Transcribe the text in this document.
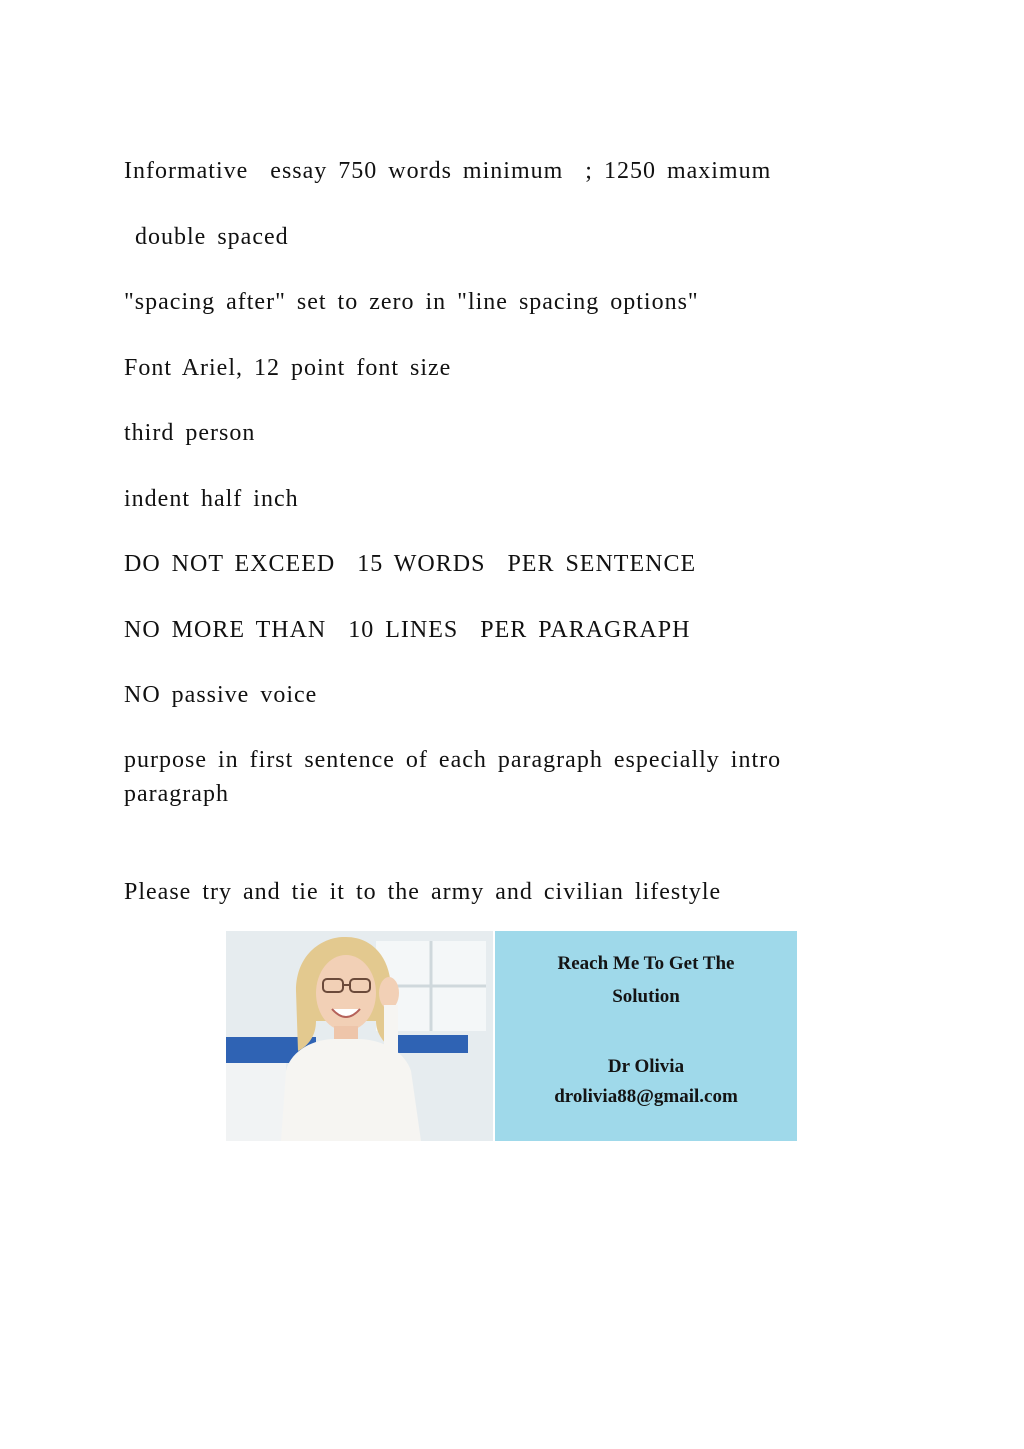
Informative  essay 750 words minimum  ; 1250 maximum

double spaced

"spacing after" set to zero in "line spacing options"

Font Ariel, 12 point font size

third person

indent half inch

DO NOT EXCEED  15 WORDS  PER SENTENCE

NO MORE THAN  10 LINES  PER PARAGRAPH

NO passive voice

purpose in first sentence of each paragraph especially intro paragraph

Please try and tie it to the army and civilian lifestyle

Reach Me To Get The Solution
Dr Olivia
drolivia88@gmail.com
